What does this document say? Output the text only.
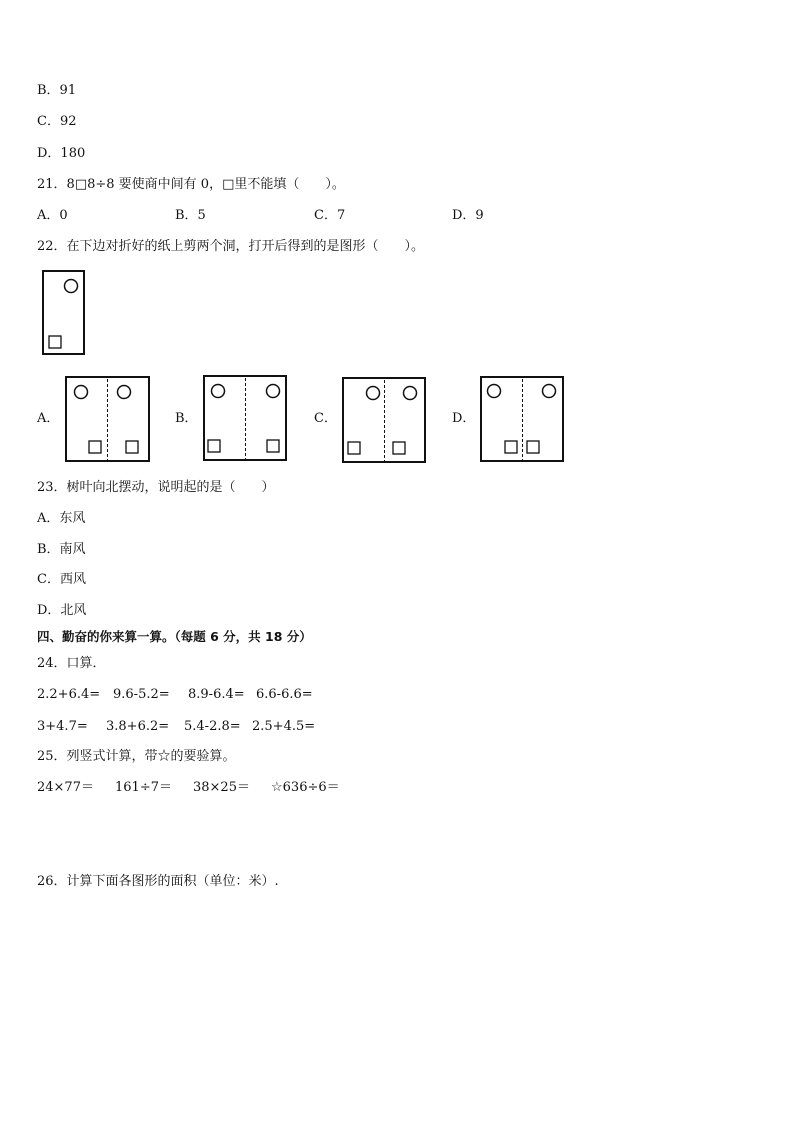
B．91
C．92
D．180
21．8□8÷8 要使商中间有 0，□里不能填（　　）。
A．0	B．5	C．7	D．9
22．在下边对折好的纸上剪两个洞，打开后得到的是图形（　　）。
A．	B．	C．	D．
23．树叶向北摆动，说明起的是（　　）
A．东风
B．南风
C．西风
D．北风
四、勤奋的你来算一算。（每题 6 分，共 18 分）
24．口算．
2.2+6.4= 9.6-5.2= 8.9-6.4= 6.6-6.6=
3+4.7= 3.8+6.2= 5.4-2.8= 2.5+4.5=
25．列竖式计算，带☆的要验算。
24×77＝ 161÷7＝ 38×25＝ ☆636÷6＝
26．计算下面各图形的面积（单位：米）.
